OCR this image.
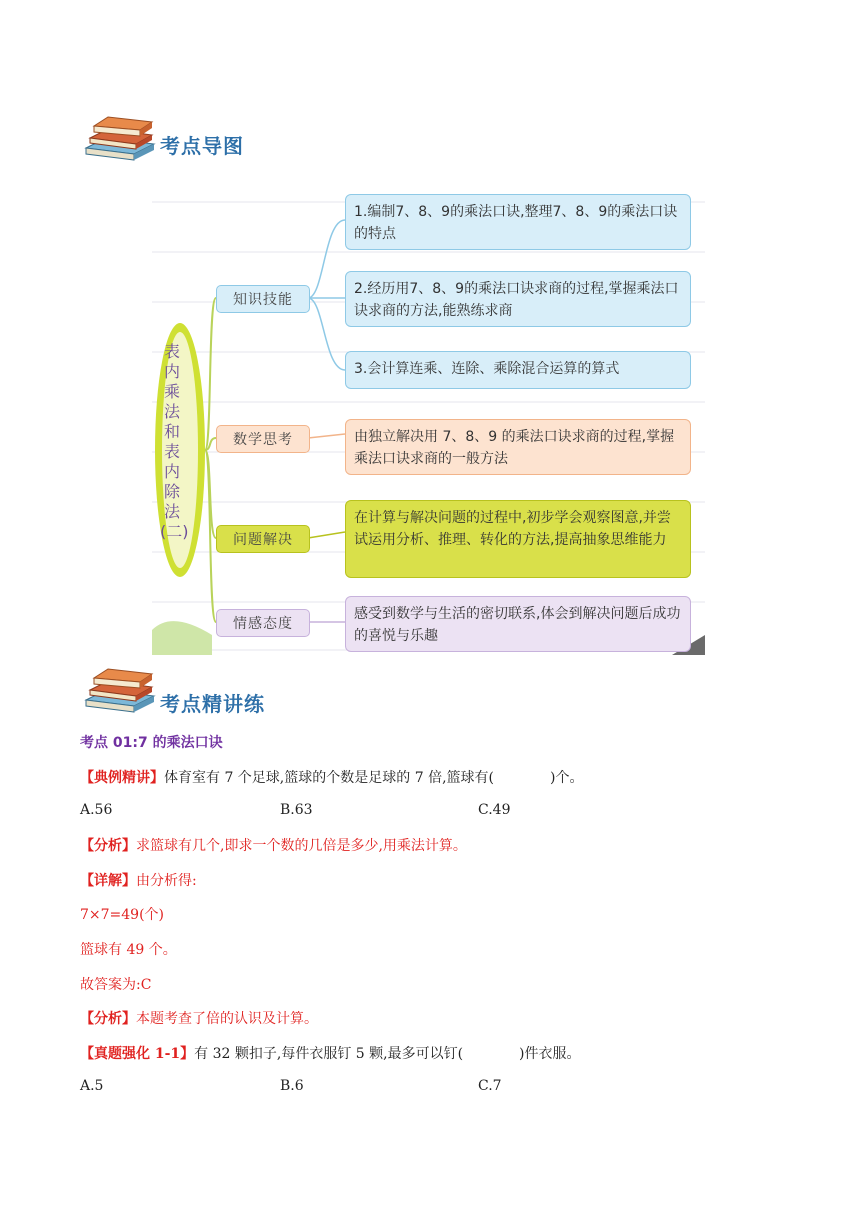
考点导图
表内乘法和表内除法(二)
知识技能
数学思考
问题解决
情感态度
1.编制7、8、9的乘法口诀,整理7、8、9的乘法口诀的特点
2.经历用7、8、9的乘法口诀求商的过程,掌握乘法口诀求商的方法,能熟练求商
3.会计算连乘、连除、乘除混合运算的算式
由独立解决用 7、8、9 的乘法口诀求商的过程,掌握乘法口诀求商的一般方法
在计算与解决问题的过程中,初步学会观察图意,并尝试运用分析、推理、转化的方法,提高抽象思维能力
感受到数学与生活的密切联系,体会到解决问题后成功的喜悦与乐趣
考点精讲练

考点 01:7 的乘法口诀

【典例精讲】体育室有 7 个足球,篮球的个数是足球的 7 倍,篮球有(　　　　)个。

A.56	B.63	C.49

【分析】求篮球有几个,即求一个数的几倍是多少,用乘法计算。

【详解】由分析得:

7×7=49(个)

篮球有 49 个。

故答案为:C

【分析】本题考查了倍的认识及计算。

【真题强化 1-1】有 32 颗扣子,每件衣服钉 5 颗,最多可以钉(　　　　)件衣服。

A.5	B.6	C.7
